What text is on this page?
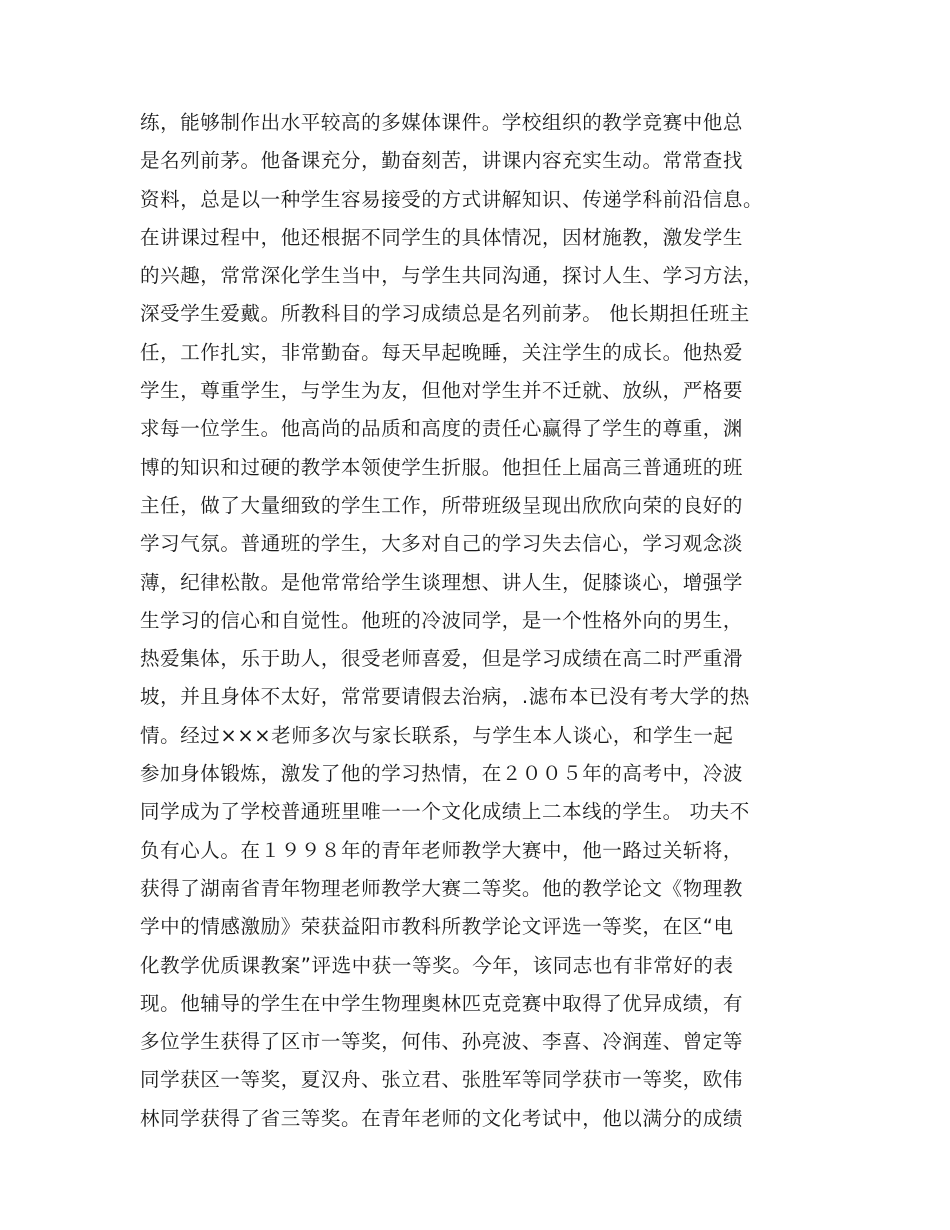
练，能够制作出水平较高的多媒体课件。学校组织的教学竞赛中他总
是名列前茅。他备课充分，勤奋刻苦，讲课内容充实生动。常常查找
资料，总是以一种学生容易接受的方式讲解知识、传递学科前沿信息。
在讲课过程中，他还根据不同学生的具体情况，因材施教，激发学生
的兴趣，常常深化学生当中，与学生共同沟通，探讨人生、学习方法，
深受学生爱戴。所教科目的学习成绩总是名列前茅。 他长期担任班主
任，工作扎实，非常勤奋。每天早起晚睡，关注学生的成长。他热爱
学生，尊重学生，与学生为友，但他对学生并不迁就、放纵，严格要
求每一位学生。他高尚的品质和高度的责任心赢得了学生的尊重，渊
博的知识和过硬的教学本领使学生折服。他担任上届高三普通班的班
主任，做了大量细致的学生工作，所带班级呈现出欣欣向荣的良好的
学习气氛。普通班的学生，大多对自己的学习失去信心，学习观念淡
薄，纪律松散。是他常常给学生谈理想、讲人生，促膝谈心，增强学
生学习的信心和自觉性。他班的冷波同学，是一个性格外向的男生，
热爱集体，乐于助人，很受老师喜爱，但是学习成绩在高二时严重滑
坡，并且身体不太好，常常要请假去治病，.滤布本已没有考大学的热
情。经过×××老师多次与家长联系，与学生本人谈心，和学生一起
参加身体锻炼，激发了他的学习热情，在２００５年的高考中，冷波
同学成为了学校普通班里唯一一个文化成绩上二本线的学生。 功夫不
负有心人。在１９９８年的青年老师教学大赛中，他一路过关斩将，
获得了湖南省青年物理老师教学大赛二等奖。他的教学论文《物理教
学中的情感激励》荣获益阳市教科所教学论文评选一等奖，在区“电
化教学优质课教案”评选中获一等奖。今年，该同志也有非常好的表
现。他辅导的学生在中学生物理奥林匹克竞赛中取得了优异成绩，有
多位学生获得了区市一等奖，何伟、孙亮波、李喜、冷润莲、曾定等
同学获区一等奖，夏汉舟、张立君、张胜军等同学获市一等奖，欧伟
林同学获得了省三等奖。在青年老师的文化考试中，他以满分的成绩
